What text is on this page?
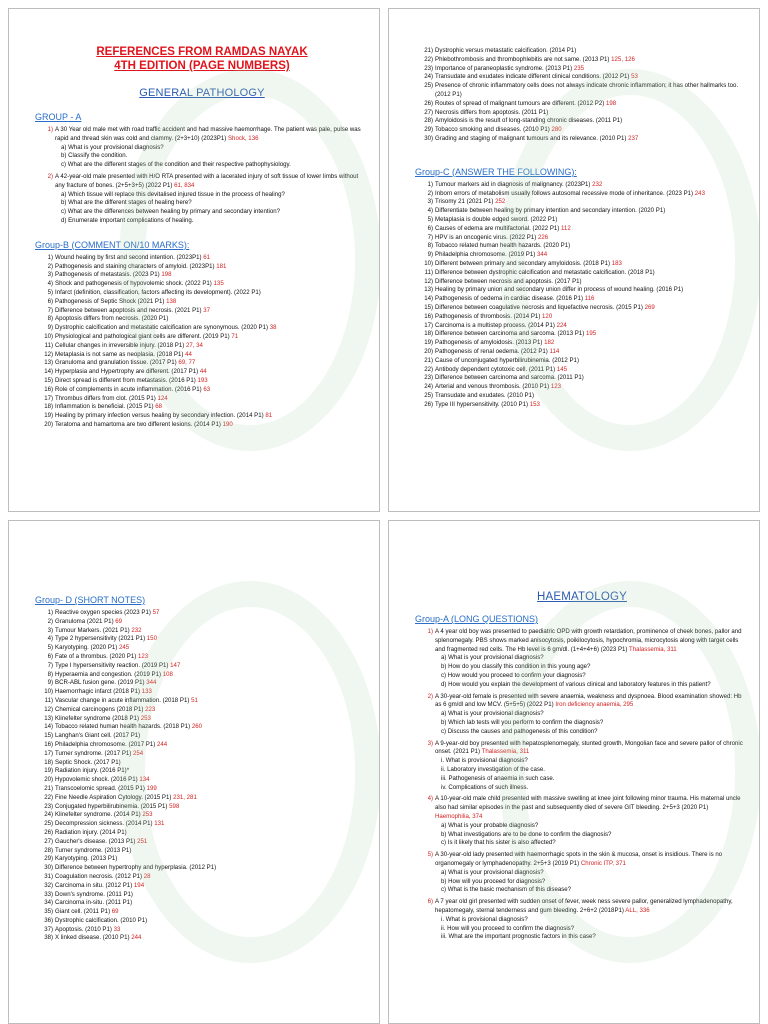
REFERENCES FROM RAMDAS NAYAK
4TH EDITION (PAGE NUMBERS)
GENERAL PATHOLOGY
GROUP - A
1) A 30 Year old male met with road traffic accident and had massive haemorrhage. The patient was pale, pulse was rapid and thread skin was cold and clammy. (2+3+10) (2023P1) Shock, 136
a) What is your provisional diagnosis?
b) Classify the condition.
c) What are the different stages of the condition and their respective pathophysiology.
2) A 42-year-old male presented with H/O RTA presented with a lacerated injury of soft tissue of lower limbs without any fracture of bones. (2+5+3+5) (2022 P1) 61, 834
a) Which tissue will replace this devitalised injured tissue in the process of healing?
b) What are the different stages of healing here?
c) What are the differences between healing by primary and secondary intention?
d) Enumerate important complications of healing.
Group-B (COMMENT ON/10 MARKS):
1) Wound healing by first and second intention. (2023P1) 61
2) Pathogenesis and staining characters of amyloid. (2023P1) 181
3) Pathogenesis of metastasis. (2023 P1) 198
4) Shock and pathogenesis of hypovolemic shock. (2022 P1) 135
5) Infarct (definition, classification, factors affecting its development). (2022 P1)
6) Pathogenesis of Septic Shock (2021 P1) 138
7) Difference between apoptosis and necrosis. (2021 P1) 37
8) Apoptosis differs from necrosis. (2020 P1)
9) Dystrophic calcification and metastatic calcification are synonymous. (2020 P1) 38
10) Physiological and pathological giant cells are different. (2019 P1) 71
11) Cellular changes in irreversible injury. (2018 P1) 27, 34
12) Metaplasia is not same as neoplasia. (2018 P1) 44
13) Granuloma and granulation tissue. (2017 P1) 69, 77
14) Hyperplasia and Hypertrophy are different. (2017 P1) 44
15) Direct spread is different from metastasis. (2016 P1) 193
16) Role of complements in acute inflammation. (2016 P1) 63
17) Thrombus differs from clot. (2015 P1) 124
18) Inflammation is beneficial. (2015 P1) 68
19) Healing by primary infection versus healing by secondary infection. (2014 P1) 81
20) Teratoma and hamartoma are two different lesions. (2014 P1) 190
21) Dystrophic versus metastatic calcification. (2014 P1)
22) Phlebothrombosis and thrombophlebitis are not same. (2013 P1) 125, 126
23) Importance of paraneoplastic syndrome. (2013 P1) 235
24) Transudate and exudates indicate different clinical conditions. (2012 P1) 53
25) Presence of chronic inflammatory cells does not always indicate chronic inflammation; it has other hallmarks too. (2012 P1)
26) Routes of spread of malignant tumours are different. (2012 P2) 198
27) Necrosis differs from apoptosis. (2011 P1)
28) Amyloidosis is the result of long-standing chronic diseases. (2011 P1)
29) Tobacco smoking and diseases. (2010 P1) 280
30) Grading and staging of malignant tumours and its relevance. (2010 P1) 237
Group-C (ANSWER THE FOLLOWING):
1) Tumour markers aid in diagnosis of malignancy. (2023P1) 232
2) Inborn errors of metabolism usually follows autosomal recessive mode of inheritance. (2023 P1) 243
3) Trisomy 21 (2021 P1) 252
4) Differentiate between healing by primary intention and secondary intention. (2020 P1)
5) Metaplasia is double edged sword. (2022 P1)
6) Causes of edema are multifactorial. (2022 P1) 112
7) HPV is an oncogenic virus. (2022 P1) 226
8) Tobacco related human health hazards. (2020 P1)
9) Philadelphia chromosome. (2019 P1) 344
10) Different between primary and secondary amyloidosis. (2018 P1) 183
11) Difference between dystrophic calcification and metastatic calcification. (2018 P1)
12) Difference between necrosis and apoptosis. (2017 P1)
13) Healing by primary union and secondary union differ in process of wound healing. (2016 P1)
14) Pathogenesis of oedema in cardiac disease. (2016 P1) 116
15) Difference between coagulative necrosis and liquefactive necrosis. (2015 P1) 269
16) Pathogenesis of thrombosis. (2014 P1) 120
17) Carcinoma is a multistep process. (2014 P1) 224
18) Difference between carcinoma and sarcoma. (2013 P1) 195
19) Pathogenesis of amyloidosis. (2013 P1) 182
20) Pathogenesis of renal oedema. (2012 P1) 114
21) Cause of unconjugated hyperbilirubinemia. (2012 P1)
22) Antibody dependent cytotoxic cell. (2011 P1) 145
23) Difference between carcinoma and sarcoma. (2011 P1)
24) Arterial and venous thrombosis. (2010 P1) 123
25) Transudate and exudates. (2010 P1)
26) Type III hypersensitivity. (2010 P1) 153
Group- D (SHORT NOTES)
1) Reactive oxygen species (2023 P1) 57
2) Granuloma (2021 P1) 69
3) Tumour Markers. (2021 P1) 232
4) Type 2 hypersensitivity (2021 P1) 150
5) Karyotyping. (2020 P1) 245
6) Fate of a thrombus. (2020 P1) 123
7) Type I hypersensitivity reaction. (2019 P1) 147
8) Hyperaemia and congestion. (2019 P1) 108
9) BCR-ABL fusion gene. (2019 P1) 344
10) Haemorrhagic infarct (2018 P1) 133
11) Vascular change in acute inflammation. (2018 P1) 51
12) Chemical carcinogens (2018 P1) 223
13) Klinefelter syndrome (2018 P1) 253
14) Tobacco related human health hazards. (2018 P1) 260
15) Langhan's Giant cell. (2017 P1)
16) Philadelphia chromosome. (2017 P1) 244
17) Turner syndrome. (2017 P1) 254
18) Septic Shock. (2017 P1)
19) Radiation injury. (2016 P1)*
20) Hypovolemic shock. (2016 P1) 134
21) Transcoelomic spread. (2015 P1) 199
22) Fine Needle Aspiration Cytology. (2015 P1) 231, 281
23) Conjugated hyperbilirubinemia. (2015 P1) 598
24) Klinefelter syndrome. (2014 P1) 253
25) Decompression sickness. (2014 P1) 131
26) Radiation injury. (2014 P1)
27) Gaucher's disease. (2013 P1) 251
28) Turner syndrome. (2013 P1)
29) Karyotyping. (2013 P1)
30) Difference between hypertrophy and hyperplasia. (2012 P1)
31) Coagulation necrosis. (2012 P1) 28
32) Carcinoma in situ. (2012 P1) 194
33) Down's syndrome. (2011 P1)
34) Carcinoma in-situ. (2011 P1)
35) Giant cell. (2011 P1) 69
36) Dystrophic calcification. (2010 P1)
37) Apoptosis. (2010 P1) 33
38) X linked disease. (2010 P1) 244
HAEMATOLOGY
Group-A (LONG QUESTIONS)
1) A 4 year old boy was presented to paediatric OPD with growth retardation, prominence of cheek bones, pallor and splenomegaly. PBS shows marked anisocytosis, poikilocytosis, hypochromia, microcytosis along with target cells and fragmented red cells. The Hb level is 6 gm/dl. (1+4+4+6) (2023 P1) Thalassemia, 311
a) What is your provisional diagnosis?
b) How do you classify this condition in this young age?
c) How would you proceed to confirm your diagnosis?
d) How would you explain the development of various clinical and laboratory features in this patient?
2) A 30-year-old female is presented with severe anaemia, weakness and dyspnoea. Blood examination showed: Hb as 6 gm/dl and low MCV. (5+5+5) (2022 P1) Iron deficiency anaemia, 295
a) What is your provisional diagnosis?
b) Which lab tests will you perform to confirm the diagnosis?
c) Discuss the causes and pathogenesis of this condition?
3) A 9-year-old boy presented with hepatosplenomegaly, stunted growth, Mongolian face and severe pallor of chronic onset. (2021 P1) Thalassemia, 311
i. What is provisional diagnosis?
ii. Laboratory investigation of the case.
iii. Pathogenesis of anaemia in such case.
iv. Complications of such illness.
4) A 10-year-old male child presented with massive swelling at knee joint following minor trauma. His maternal uncle also had similar episodes in the past and subsequently died of severe GIT bleeding. 2+5+3 (2020 P1) Haemophilia, 374
a) What is your probable diagnosis?
b) What investigations are to be done to confirm the diagnosis?
c) Is it likely that his sister is also affected?
5) A 30-year-old lady presented with haemorrhagic spots in the skin & mucosa, onset is insidious. There is no organomegaly or lymphadenopathy. 2+5+3 (2019 P1) Chronic ITP, 371
a) What is your provisional diagnosis?
b) How will you proceed for diagnosis?
c) What is the basic mechanism of this disease?
6) A 7 year old girl presented with sudden onset of fever, week ness severe pallor, generalized lymphadenopathy, hepatomegaly, sternal tenderness and gum bleeding. 2+6+2 (2018P1) ALL, 336
i. What is provisional diagnosis?
ii. How will you proceed to confirm the diagnosis?
iii. What are the important prognostic factors in this case?
